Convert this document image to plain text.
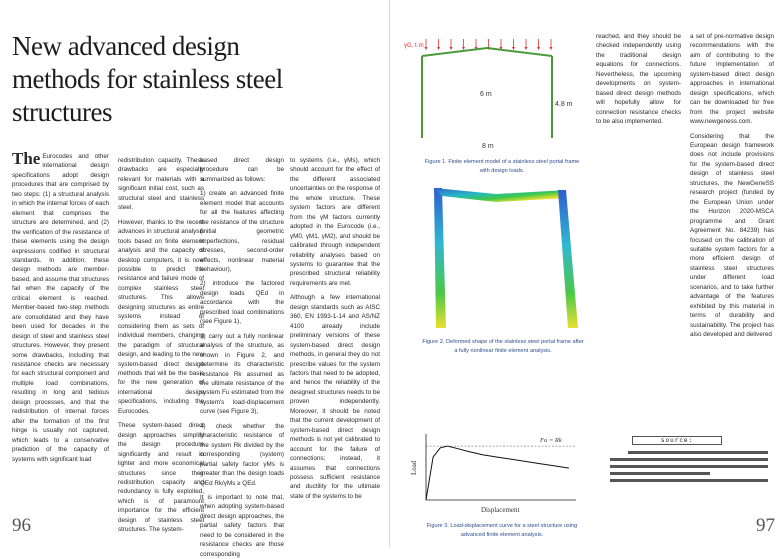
New advanced design methods for stainless steel structures

The Eurocodes and other international design specifications adopt design procedures that are comprised by two steps: (1) a structural analysis in which the internal forces of each element that comprises the structure are determined, and (2) the verification of the resistance of these elements using the design expressions codified in structural standards. In addition, these design methods are member-based, and assume that structures fail when the capacity of the critical element is reached. Member-based two-step methods are consolidated and they have been used for decades in the design of steel and stainless steel structures. However, they present some drawbacks, including that resistance checks are necessary for each structural component and multiple load combinations, resulting in long and tedious design processes, and that the redistribution of internal forces after the formation of the first hinge is usually not captured, which leads to a conservative prediction of the capacity of systems with significant load

redistribution capacity. These drawbacks are especially relevant for materials with a significant initial cost, such as structural steel and stainless steel.

However, thanks to the recent advances in structural analysis tools based on finite element analysis and the capacity of desktop computers, it is now possible to predict the resistance and failure mode of complex stainless steel structures. This allows designing structures as entire systems instead of considering them as sets of individual members, changing the paradigm of structural design, and leading to the new system-based direct design methods that will be the basis for the new generation of international design specifications, including the Eurocodes.

These system-based direct design approaches simplify the design procedure significantly and result in lighter and more economical structures since their redistribution capacity and redundancy is fully exploited, which is of paramount importance for the efficient design of stainless steel structures. The system-

based direct design procedure can be summarized as follows:

1) create an advanced finite element model that accounts for all the features affecting the resistance of the structure (initial geometric imperfections, residual stresses, second-order effects, nonlinear material behaviour),

2) introduce the factored design loads QEd in accordance with the prescribed load combinations (see Figure 1),

3) carry out a fully nonlinear analysis of the structure, as shown in Figure 2, and determine its characteristic resistance Rk assumed as the ultimate resistance of the system Fu estimated from the system's load-displacement curve (see Figure 3),

4) check whether the characteristic resistance of the system Rk divided by the corresponding (system) partial safety factor γMs is greater than the design loads QEd Rk/γMs ≥ QEd.

It is important to note that, when adopting system-based direct design approaches, the partial safety factors that need to be considered in the resistance checks are those corresponding

to systems (i.e., γMs), which should account for the effect of the different associated uncertainties on the response of the whole structure. These system factors are different from the γM factors currently adopted in the Eurocode (i.e., γM0, γM1, γM2), and should be calibrated through independent reliability analyses based on systems to guarantee that the prescribed structural reliability requirements are met.

Although a few international design standards such as AISC 360, EN 1993-1-14 and AS/NZ 4100 already include preliminary versions of these system-based direct design methods, in general they do not prescribe values for the system factors that need to be adopted, and hence the reliability of the designed structures needs to be proven independently. Moreover, it should be noted that the current development of system-based direct design methods is not yet calibrated to account for the failure of connections; instead, it assumes that connections possess sufficient resistance and ductility for the ultimate state of the systems to be

96
γG, t·m
6 m
4.8 m
8 m
Figure 1. Finite element model of a stainless steel portal frame with design loads.
Figure 2. Deformed shape of the stainless steel portal frame after a fully nonlinear finite element analysis.
Load
Displacement
Fu = Rk
Figure 3. Load-displacement curve for a steel structure using advanced finite element analysis.

reached, and they should be checked independently using the traditional design equations for connections. Nevertheless, the upcoming developments on system-based direct design methods will hopefully allow for connection resistance checks to be also implemented.

a set of pre-normative design recommendations with the aim of contributing to the future implementation of system-based direct design approaches in international design specifications, which can be downloaded for free from the project website www.newgeness.com.

Considering that the European design framework does not include provisions for the system-based direct design of stainless steel structures, the NewGeneSS research project (funded by the European Union under the Horizon 2020-MSCA programme and Grant Agreement No. 84239) has focused on the calibration of suitable system factors for a more efficient design of stainless steel structures under different load scenarios, and to take further advantage of the features exhibited by this material in terms of durability and sustainability. The project has also developed and delivered

source:
97
